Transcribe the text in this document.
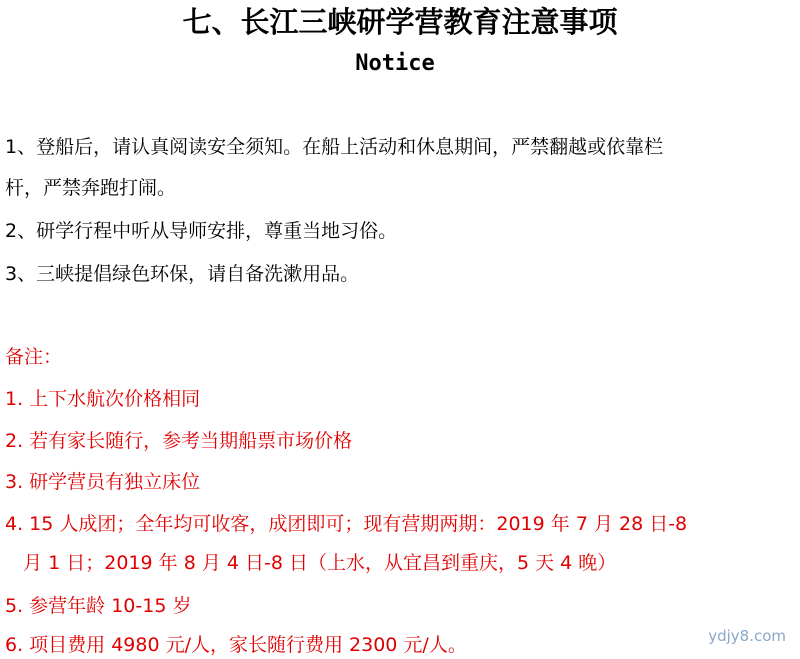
七、长江三峡研学营教育注意事项
Notice

1、登船后，请认真阅读安全须知。在船上活动和休息期间，严禁翻越或依靠栏

杆，严禁奔跑打闹。

2、研学行程中听从导师安排，尊重当地习俗。

3、三峡提倡绿色环保，请自备洗漱用品。

备注：

1. 上下水航次价格相同

2. 若有家长随行，参考当期船票市场价格

3. 研学营员有独立床位

4. 15 人成团；全年均可收客，成团即可；现有营期两期：2019 年 7 月 28 日-8

月 1 日；2019 年 8 月 4 日-8 日（上水，从宜昌到重庆，5 天 4 晚）

5. 参营年龄 10-15 岁

6. 项目费用 4980 元/人，家长随行费用 2300 元/人。	ydjy8.com
